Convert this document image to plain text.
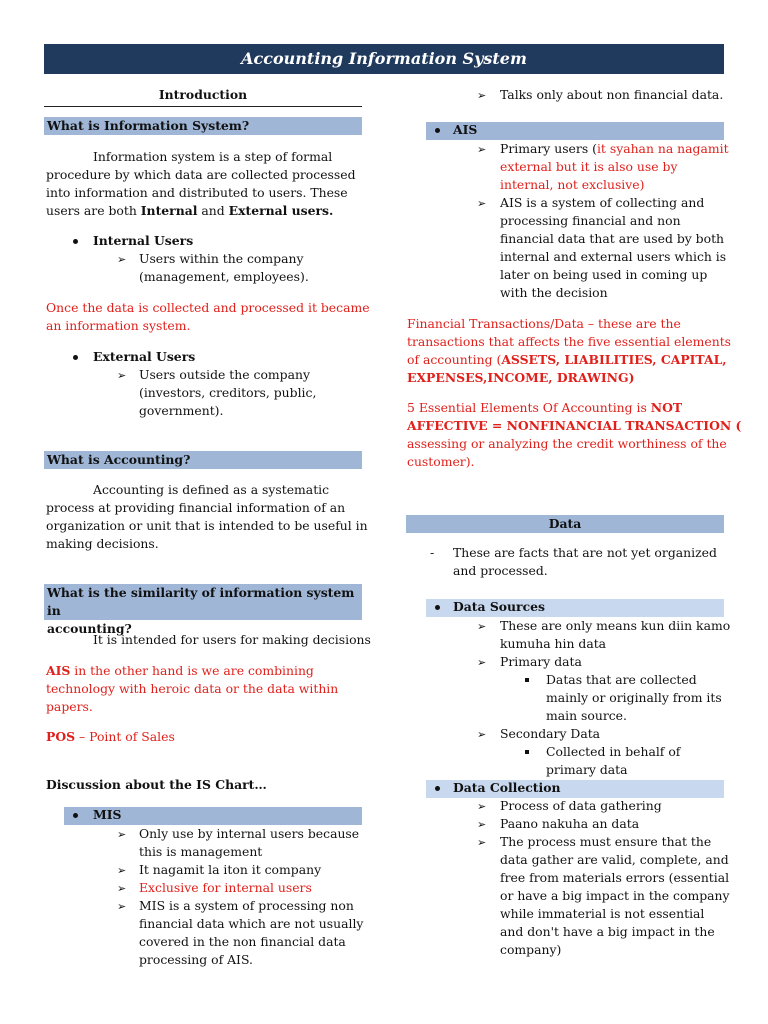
Accounting Information System
Introduction
What is Information System?
Information system is a step of formal
procedure by which data are collected processed
into information and distributed to users. These
users are both Internal and External users.
Internal Users
➢ Users within the company
(management, employees).
Once the data is collected and processed it became
an information system.
External Users
➢ Users outside the company
(investors, creditors, public,
government).
What is Accounting?
Accounting is defined as a systematic
process at providing financial information of an
organization or unit that is intended to be useful in
making decisions.
What is the similarity of information system in
accounting?
It is intended for users for making decisions
AIS in the other hand is we are combining
technology with heroic data or the data within
papers.
POS – Point of Sales
Discussion about the IS Chart…
MIS
➢ Only use by internal users because
this is management
➢ It nagamit la iton it company
➢ Exclusive for internal users
➢ MIS is a system of processing non
financial data which are not usually
covered in the non financial data
processing of AIS.
➢ Talks only about non financial data.
AIS
➢ Primary users (it syahan na nagamit
external but it is also use by
internal, not exclusive)
➢ AIS is a system of collecting and
processing financial and non
financial data that are used by both
internal and external users which is
later on being used in coming up
with the decision
Financial Transactions/Data – these are the
transactions that affects the five essential elements
of accounting (ASSETS, LIABILITIES, CAPITAL,
EXPENSES,INCOME, DRAWING)
5 Essential Elements Of Accounting is NOT
AFFECTIVE = NONFINANCIAL TRANSACTION (
assessing or analyzing the credit worthiness of the
customer).
Data
- These are facts that are not yet organized
and processed.
Data Sources
➢ These are only means kun diin kamo
kumuha hin data
➢ Primary data
Datas that are collected
mainly or originally from its
main source.
➢ Secondary Data
Collected in behalf of
primary data
Data Collection
➢ Process of data gathering
➢ Paano nakuha an data
➢ The process must ensure that the
data gather are valid, complete, and
free from materials errors (essential
or have a big impact in the company
while immaterial is not essential
and don't have a big impact in the
company)
